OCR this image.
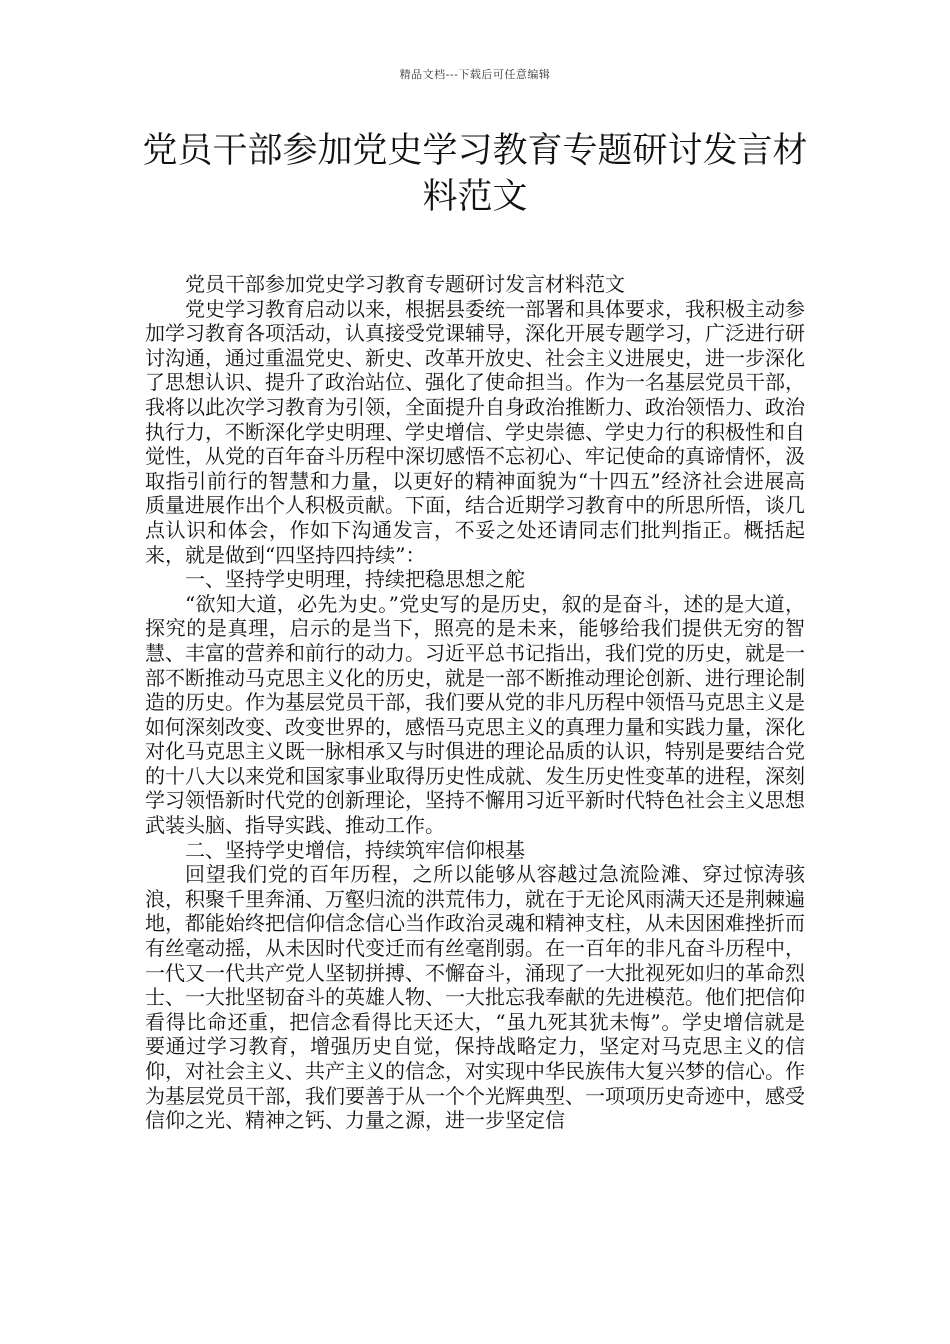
精品文档---下载后可任意编辑
党员干部参加党史学习教育专题研讨发言材料范文

党员干部参加党史学习教育专题研讨发言材料范文

党史学习教育启动以来，根据县委统一部署和具体要求，我积极主动参加学习教育各项活动，认真接受党课辅导，深化开展专题学习，广泛进行研讨沟通，通过重温党史、新史、改革开放史、社会主义进展史，进一步深化了思想认识、提升了政治站位、强化了使命担当。作为一名基层党员干部，我将以此次学习教育为引领，全面提升自身政治推断力、政治领悟力、政治执行力，不断深化学史明理、学史增信、学史崇德、学史力行的积极性和自觉性，从党的百年奋斗历程中深切感悟不忘初心、牢记使命的真谛情怀，汲取指引前行的智慧和力量，以更好的精神面貌为“十四五”经济社会进展高质量进展作出个人积极贡献。下面，结合近期学习教育中的所思所悟，谈几点认识和体会，作如下沟通发言，不妥之处还请同志们批判指正。概括起来，就是做到“四坚持四持续”：

一、坚持学史明理，持续把稳思想之舵

“欲知大道，必先为史。”党史写的是历史，叙的是奋斗，述的是大道，探究的是真理，启示的是当下，照亮的是未来，能够给我们提供无穷的智慧、丰富的营养和前行的动力。习近平总书记指出，我们党的历史，就是一部不断推动马克思主义化的历史，就是一部不断推动理论创新、进行理论制造的历史。作为基层党员干部，我们要从党的非凡历程中领悟马克思主义是如何深刻改变、改变世界的，感悟马克思主义的真理力量和实践力量，深化对化马克思主义既一脉相承又与时俱进的理论品质的认识，特别是要结合党的十八大以来党和国家事业取得历史性成就、发生历史性变革的进程，深刻学习领悟新时代党的创新理论，坚持不懈用习近平新时代特色社会主义思想武装头脑、指导实践、推动工作。

二、坚持学史增信，持续筑牢信仰根基

回望我们党的百年历程，之所以能够从容越过急流险滩、穿过惊涛骇浪，积聚千里奔涌、万壑归流的洪荒伟力，就在于无论风雨满天还是荆棘遍地，都能始终把信仰信念信心当作政治灵魂和精神支柱，从未因困难挫折而有丝毫动摇，从未因时代变迁而有丝毫削弱。在一百年的非凡奋斗历程中，一代又一代共产党人坚韧拼搏、不懈奋斗，涌现了一大批视死如归的革命烈士、一大批坚韧奋斗的英雄人物、一大批忘我奉献的先进模范。他们把信仰看得比命还重，把信念看得比天还大，“虽九死其犹未悔”。学史增信就是要通过学习教育，增强历史自觉，保持战略定力，坚定对马克思主义的信仰，对社会主义、共产主义的信念，对实现中华民族伟大复兴梦的信心。作为基层党员干部，我们要善于从一个个光辉典型、一项项历史奇迹中，感受信仰之光、精神之钙、力量之源，进一步坚定信
